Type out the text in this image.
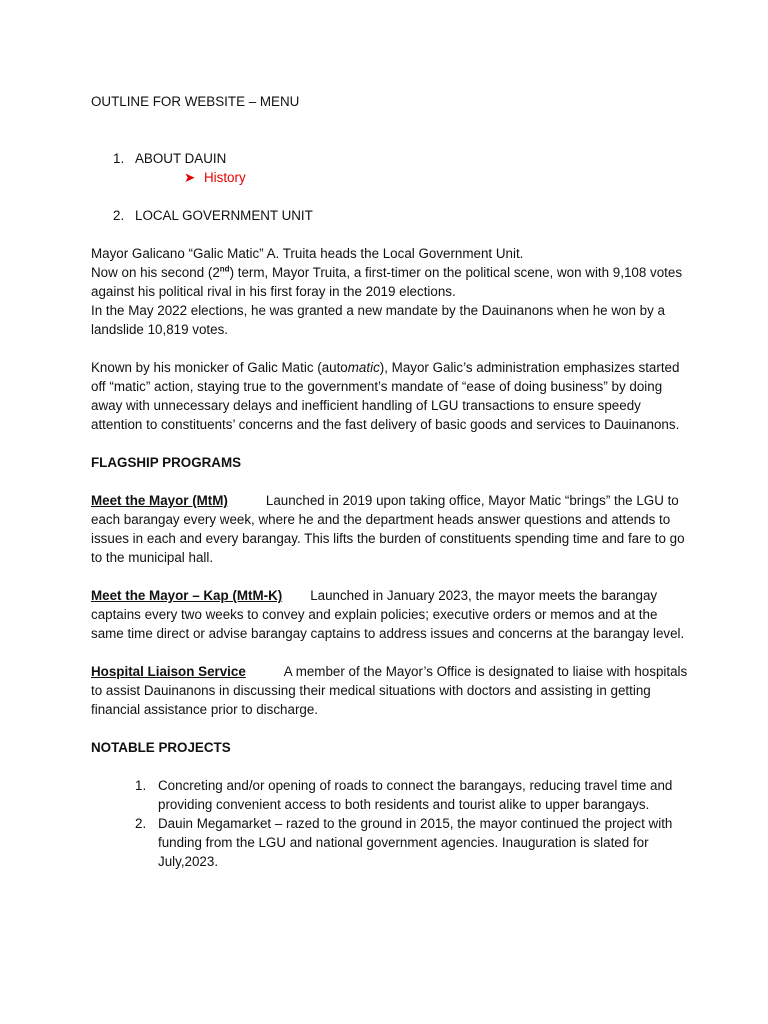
OUTLINE FOR WEBSITE – MENU

1. ABOUT DAUIN
➤ History
2. LOCAL GOVERNMENT UNIT

Mayor Galicano “Galic Matic” A. Truita heads the Local Government Unit.
Now on his second (2nd) term, Mayor Truita, a first-timer on the political scene, won with 9,108 votes against his political rival in his first foray in the 2019 elections.
In the May 2022 elections, he was granted a new mandate by the Dauinanons when he won by a landslide 10,819 votes.

Known by his monicker of Galic Matic (automatic), Mayor Galic’s administration emphasizes started off “matic” action, staying true to the government’s mandate of “ease of doing business” by doing away with unnecessary delays and inefficient handling of LGU transactions to ensure speedy attention to constituents’ concerns and the fast delivery of basic goods and services to Dauinanons.

FLAGSHIP PROGRAMS

Meet the Mayor (MtM)	Launched in 2019 upon taking office, Mayor Matic “brings” the LGU to each barangay every week, where he and the department heads answer questions and attends to issues in each and every barangay. This lifts the burden of constituents spending time and fare to go to the municipal hall.

Meet the Mayor – Kap (MtM-K) Launched in January 2023, the mayor meets the barangay captains every two weeks to convey and explain policies; executive orders or memos and at the same time direct or advise barangay captains to address issues and concerns at the barangay level.

Hospital Liaison Service	A member of the Mayor’s Office is designated to liaise with hospitals to assist Dauinanons in discussing their medical situations with doctors and assisting in getting financial assistance prior to discharge.

NOTABLE PROJECTS

1. Concreting and/or opening of roads to connect the barangays, reducing travel time and providing convenient access to both residents and tourist alike to upper barangays.
2. Dauin Megamarket – razed to the ground in 2015, the mayor continued the project with funding from the LGU and national government agencies. Inauguration is slated for July,2023.
